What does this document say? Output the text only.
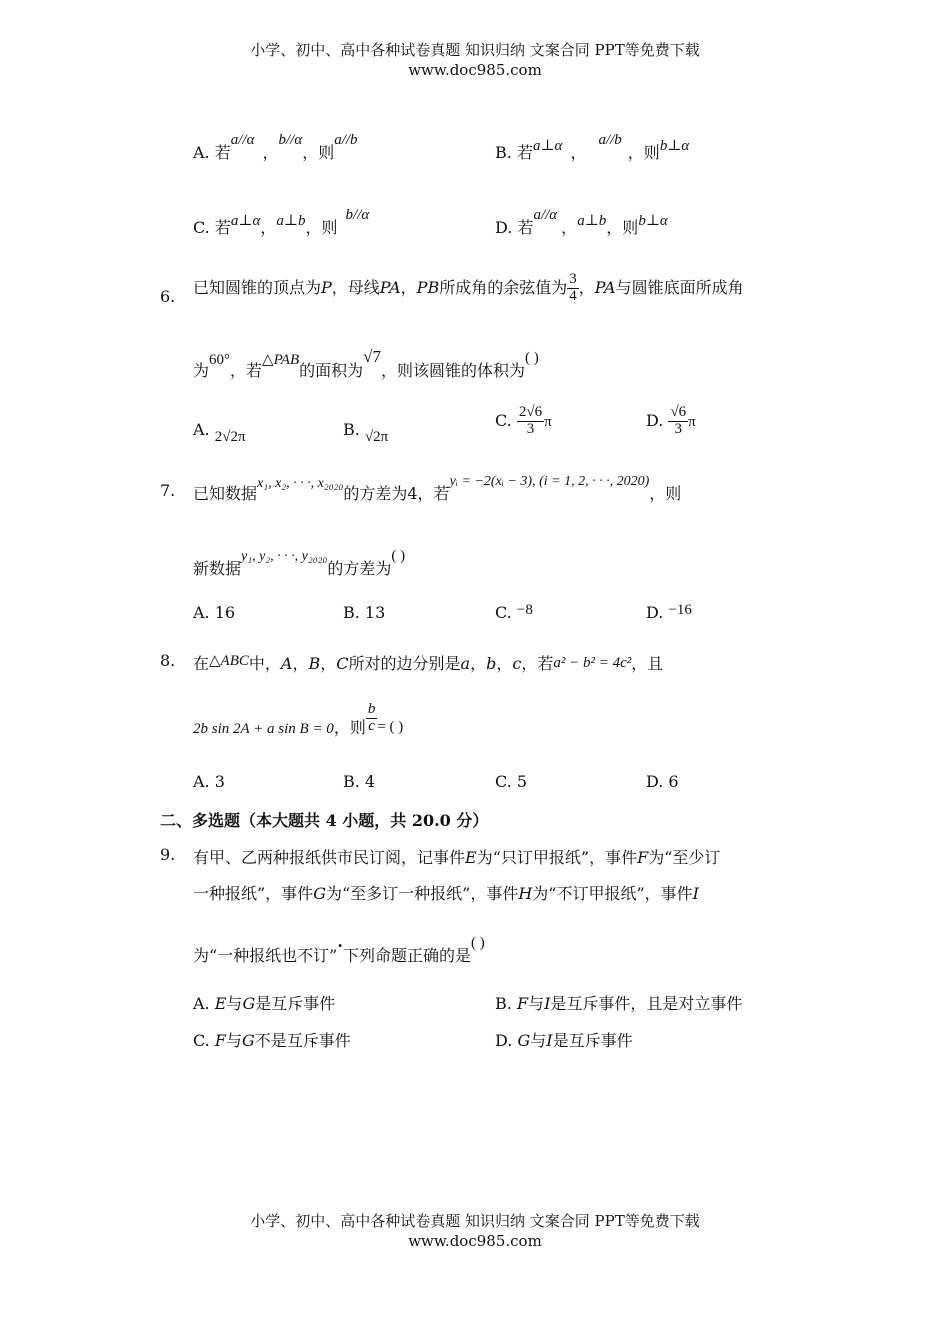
小学、初中、高中各种试卷真题 知识归纳 文案合同 PPT等免费下载
www.doc985.com
A. 若a//α，b//α，则a//b
B. 若a⊥α ，a//b，则b⊥α
C. 若a⊥α，a⊥b，则b//α
D. 若a//α，a⊥b，则b⊥α
6. 已知圆锥的顶点为P，母线PA，PB所成角的余弦值为 $\frac{3}{4}$ ，PA与圆锥底面所成角
为60°，若△PAB的面积为√7，则该圆锥的体积为( )
A. 2√2π	B. √2π
C. $\frac{2√6}{3}$ π	D. $\frac{√6}{3}$ π
7. 已知数据x₁, x₂, · · ·, x₂₀₂₀的方差为4，若yᵢ = −2(xᵢ − 3), (i = 1, 2, · · ·, 2020)，则
新数据y₁, y₂, · · ·, y₂₀₂₀的方差为( )
A. 16	B. 13	C. −8	D. −16
8. 在△ABC中，A，B，C所对的边分别是a，b，c，若a² − b² = 4c²，且
2b sin 2A + a sin B = 0，则 $\frac{b}{c}$ = ( )
A. 3	B. 4	C. 5	D. 6
二、多选题（本大题共 4 小题，共 20.0 分）
9. 有甲、乙两种报纸供市民订阅，记事件E为“只订甲报纸”，事件F为“至少订
一种报纸”，事件G为“至多订一种报纸”，事件H为“不订甲报纸”，事件I
为“一种报纸也不订”·下列命题正确的是( )
A. E与G是互斥事件	B. F与I是互斥事件，且是对立事件
C. F与G不是互斥事件	D. G与I是互斥事件
小学、初中、高中各种试卷真题 知识归纳 文案合同 PPT等免费下载
www.doc985.com
